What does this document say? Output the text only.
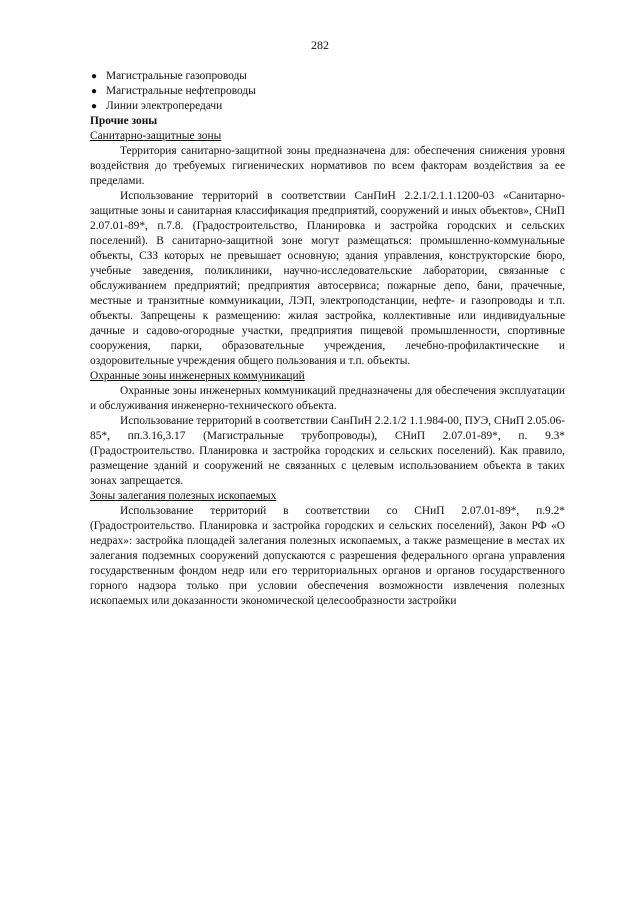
282
● Магистральные газопроводы
● Магистральные нефтепроводы
● Линии электропередачи
Прочие зоны
Санитарно-защитные зоны

Территория санитарно-защитной зоны предназначена для: обеспечения снижения уровня воздействия до требуемых гигиенических нормативов по всем факторам воздействия за ее пределами.

Использование территорий в соответствии СанПиН 2.2.1/2.1.1.1200-03 «Санитарно-защитные зоны и санитарная классификация предприятий, сооружений и иных объектов», СНиП 2.07.01-89*, п.7.8. (Градостроительство, Планировка и застройка городских и сельских поселений). В санитарно-защитной зоне могут размещаться: промышленно-коммунальные объекты, СЗЗ которых не превышает основную; здания управления, конструкторские бюро, учебные заведения, поликлиники, научно-исследовательские лаборатории, связанные с обслуживанием предприятий; предприятия автосервиса; пожарные депо, бани, прачечные, местные и транзитные коммуникации, ЛЭП, электроподстанции, нефте- и газопроводы и т.п. объекты. Запрещены к размещению: жилая застройка, коллективные или индивидуальные дачные и садово-огородные участки, предприятия пищевой промышленности, спортивные сооружения, парки, образовательные учреждения, лечебно-профилактические и оздоровительные учреждения общего пользования и т.п. объекты.

Охранные зоны инженерных коммуникаций

Охранные зоны инженерных коммуникаций предназначены для обеспечения эксплуатации и обслуживания инженерно-технического объекта.

Использование территорий в соответствии СанПиН 2.2.1/2 1.1.984-00, ПУЭ, СНиП 2.05.06-85*, пп.3.16,3.17 (Магистральные трубопроводы), СНиП 2.07.01-89*, п. 9.3* (Градостроительство. Планировка и застройка городских и сельских поселений). Как правило, размещение зданий и сооружений не связанных с целевым использованием объекта в таких зонах запрещается.

Зоны залегания полезных ископаемых

Использование территорий в соответствии со СНиП 2.07.01-89*, п.9.2* (Градостроительство. Планировка и застройка городских и сельских поселений), Закон РФ «О недрах»: застройка площадей залегания полезных ископаемых, а также размещение в местах их залегания подземных сооружений допускаются с разрешения федерального органа управления государственным фондом недр или его территориальных органов и органов государственного горного надзора только при условии обеспечения возможности извлечения полезных ископаемых или доказанности экономической целесообразности застройки
